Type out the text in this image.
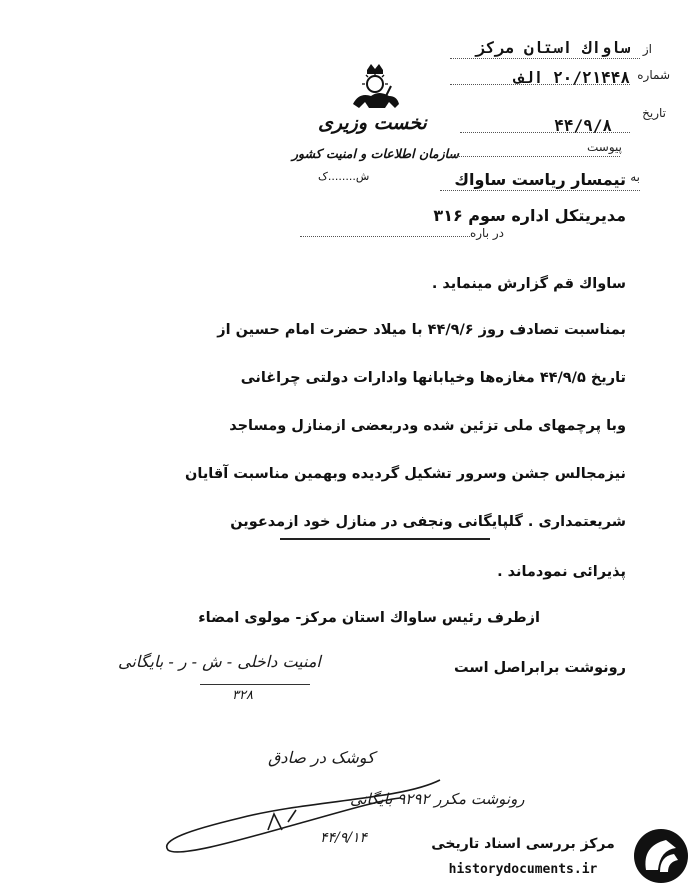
نخست وزیری
سازمان اطلاعات و امنیت کشور
ش........ک
از
ساواك استان مركز
شماره
۲۰/۲۱۴۴۸ الف
تاریخ
۴۴/۹/۸
پیوست
به
تیمسار ریاست ساواك
مدیریتکل اداره سوم ۳۱۶
در باره
ساواك قم گزارش مینماید .
بمناسبت تصادف روز ۴۴/۹/۶ با میلاد حضرت امام حسین از
تاریخ ۴۴/۹/۵ مغازه‌ها وخیابانها وادارات دولتی چراغانی
وبا پرچمهای ملی تزئین شده ودربعضی ازمنازل ومساجد
نیزمجالس جشن وسرور تشکیل گردیده وبهمین مناسبت آقایان
شریعتمداری . گلپایگانی ونجفی در منازل خود ازمدعوین
پذیرائی نمودماند .
ازطرف رئیس ساواك استان مركز- مولوی امضاء
رونوشت برابراصل است
امنیت داخلی - ش - ر - بایگانی
۳۲۸
کوشک در صادق
رونوشت مکرر ۹۲۹۲ بایگانی
۴۴/۹/۱۴	مرکز بررسی اسناد تاریخی
historydocuments.ir
